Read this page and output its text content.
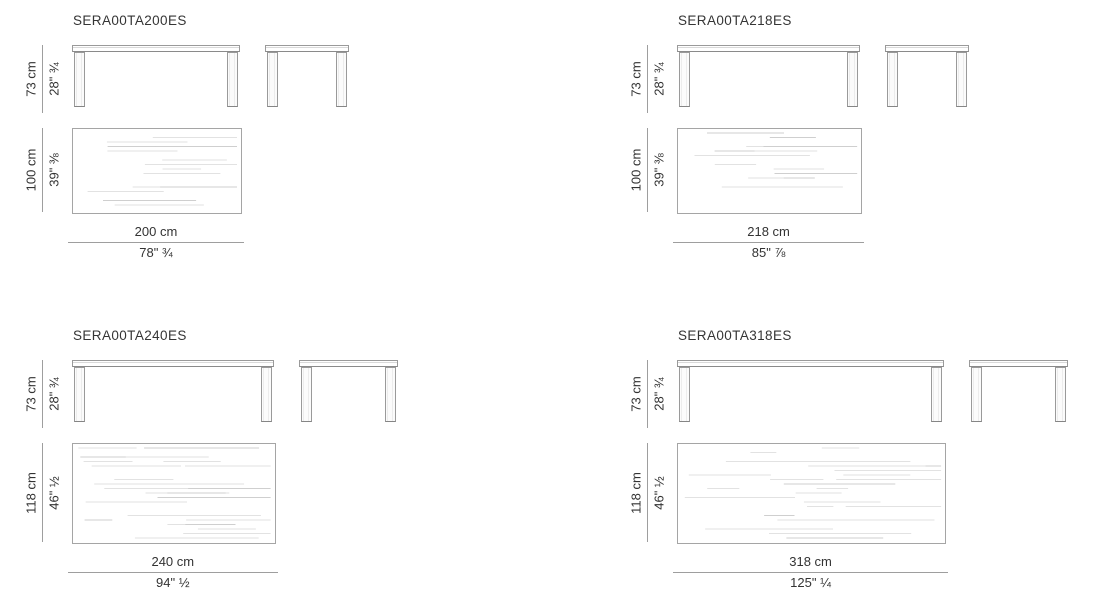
SERA00TA200ES
73 cm 28" ¾
100 cm 39" ⅜
200 cm
78" ¾
SERA00TA218ES
73 cm 28" ¾
100 cm 39" ⅜
218 cm
85" ⅞
SERA00TA240ES
73 cm 28" ¾
118 cm 46" ½
240 cm
94" ½
SERA00TA318ES
73 cm 28" ¾
118 cm 46" ½
318 cm
125" ¼
